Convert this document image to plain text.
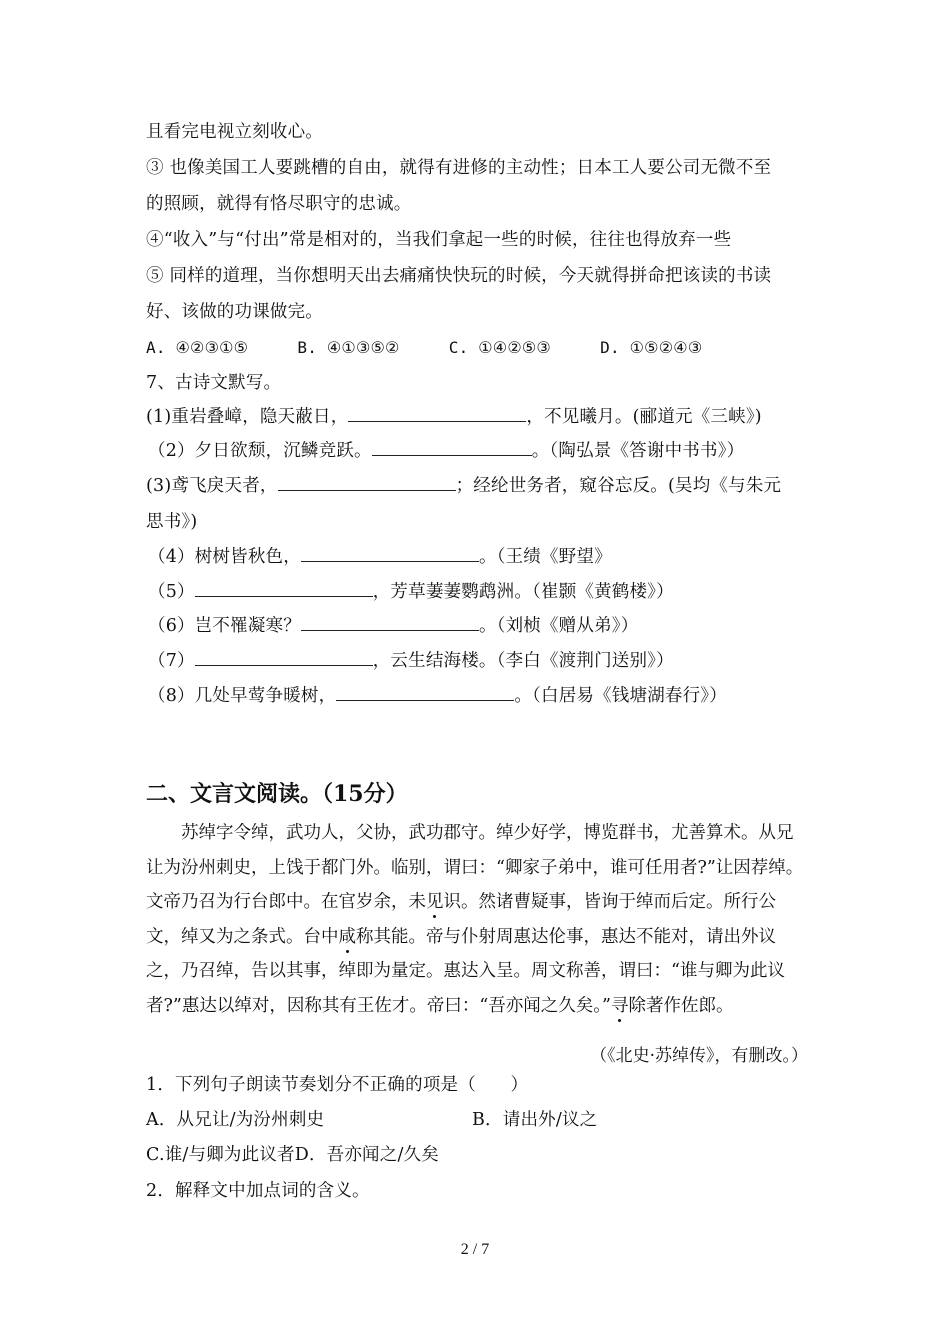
且看完电视立刻收心。
③ 也像美国工人要跳槽的自由，就得有进修的主动性；日本工人要公司无微不至
的照顾，就得有恪尽职守的忠诚。
④“收入”与“付出”常是相对的，当我们拿起一些的时候，往往也得放弃一些
⑤ 同样的道理，当你想明天出去痛痛快快玩的时候，今天就得拼命把该读的书读
好、该做的功课做完。
A. ④②③①⑤     B. ④①③⑤②     C. ①④②⑤③     D. ①⑤②④③
7、古诗文默写。
(1)重岩叠嶂，隐天蔽日，	，不见曦月。(郦道元《三峡》)
（2）夕日欲颓，沉鳞竞跃。	。（陶弘景《答谢中书书》）
(3)鸢飞戾天者，	；经纶世务者，窥谷忘反。(吴均《与朱元
思书》)
（4）树树皆秋色，	。（王绩《野望》
（5）	，芳草萋萋鹦鹉洲。（崔颢《黄鹤楼》）
（6）岂不罹凝寒？	。（刘桢《赠从弟》）
（7）	，云生结海楼。（李白《渡荆门送别》）
（8）几处早莺争暖树，	。（白居易《钱塘湖春行》）
二、文言文阅读。（15分）
苏绰字令绰，武功人，父协，武功郡守。绰少好学，博览群书，尤善算术。从兄让为汾州刺史，上饯于都门外。临别，谓曰：“卿家子弟中，谁可任用者?”让因荐绰。文帝乃召为行台郎中。在官岁余，未见识。然诸曹疑事，皆询于绰而后定。所行公文，绰又为之条式。台中咸称其能。帝与仆射周惠达伦事，惠达不能对，请出外议之，乃召绰，告以其事，绰即为量定。惠达入呈。周文称善，谓曰：“谁与卿为此议者?”惠达以绰对，因称其有王佐才。帝曰：“吾亦闻之久矣。”寻除著作佐郎。
（《北史·苏绰传》，有删改。）
1．下列句子朗读节奏划分不正确的项是（      ）
A．从兄让/为汾州刺史	B．请出外/议之
C.谁/与卿为此议者D．吾亦闻之/久矣
2．解释文中加点词的含义。
2 / 7
